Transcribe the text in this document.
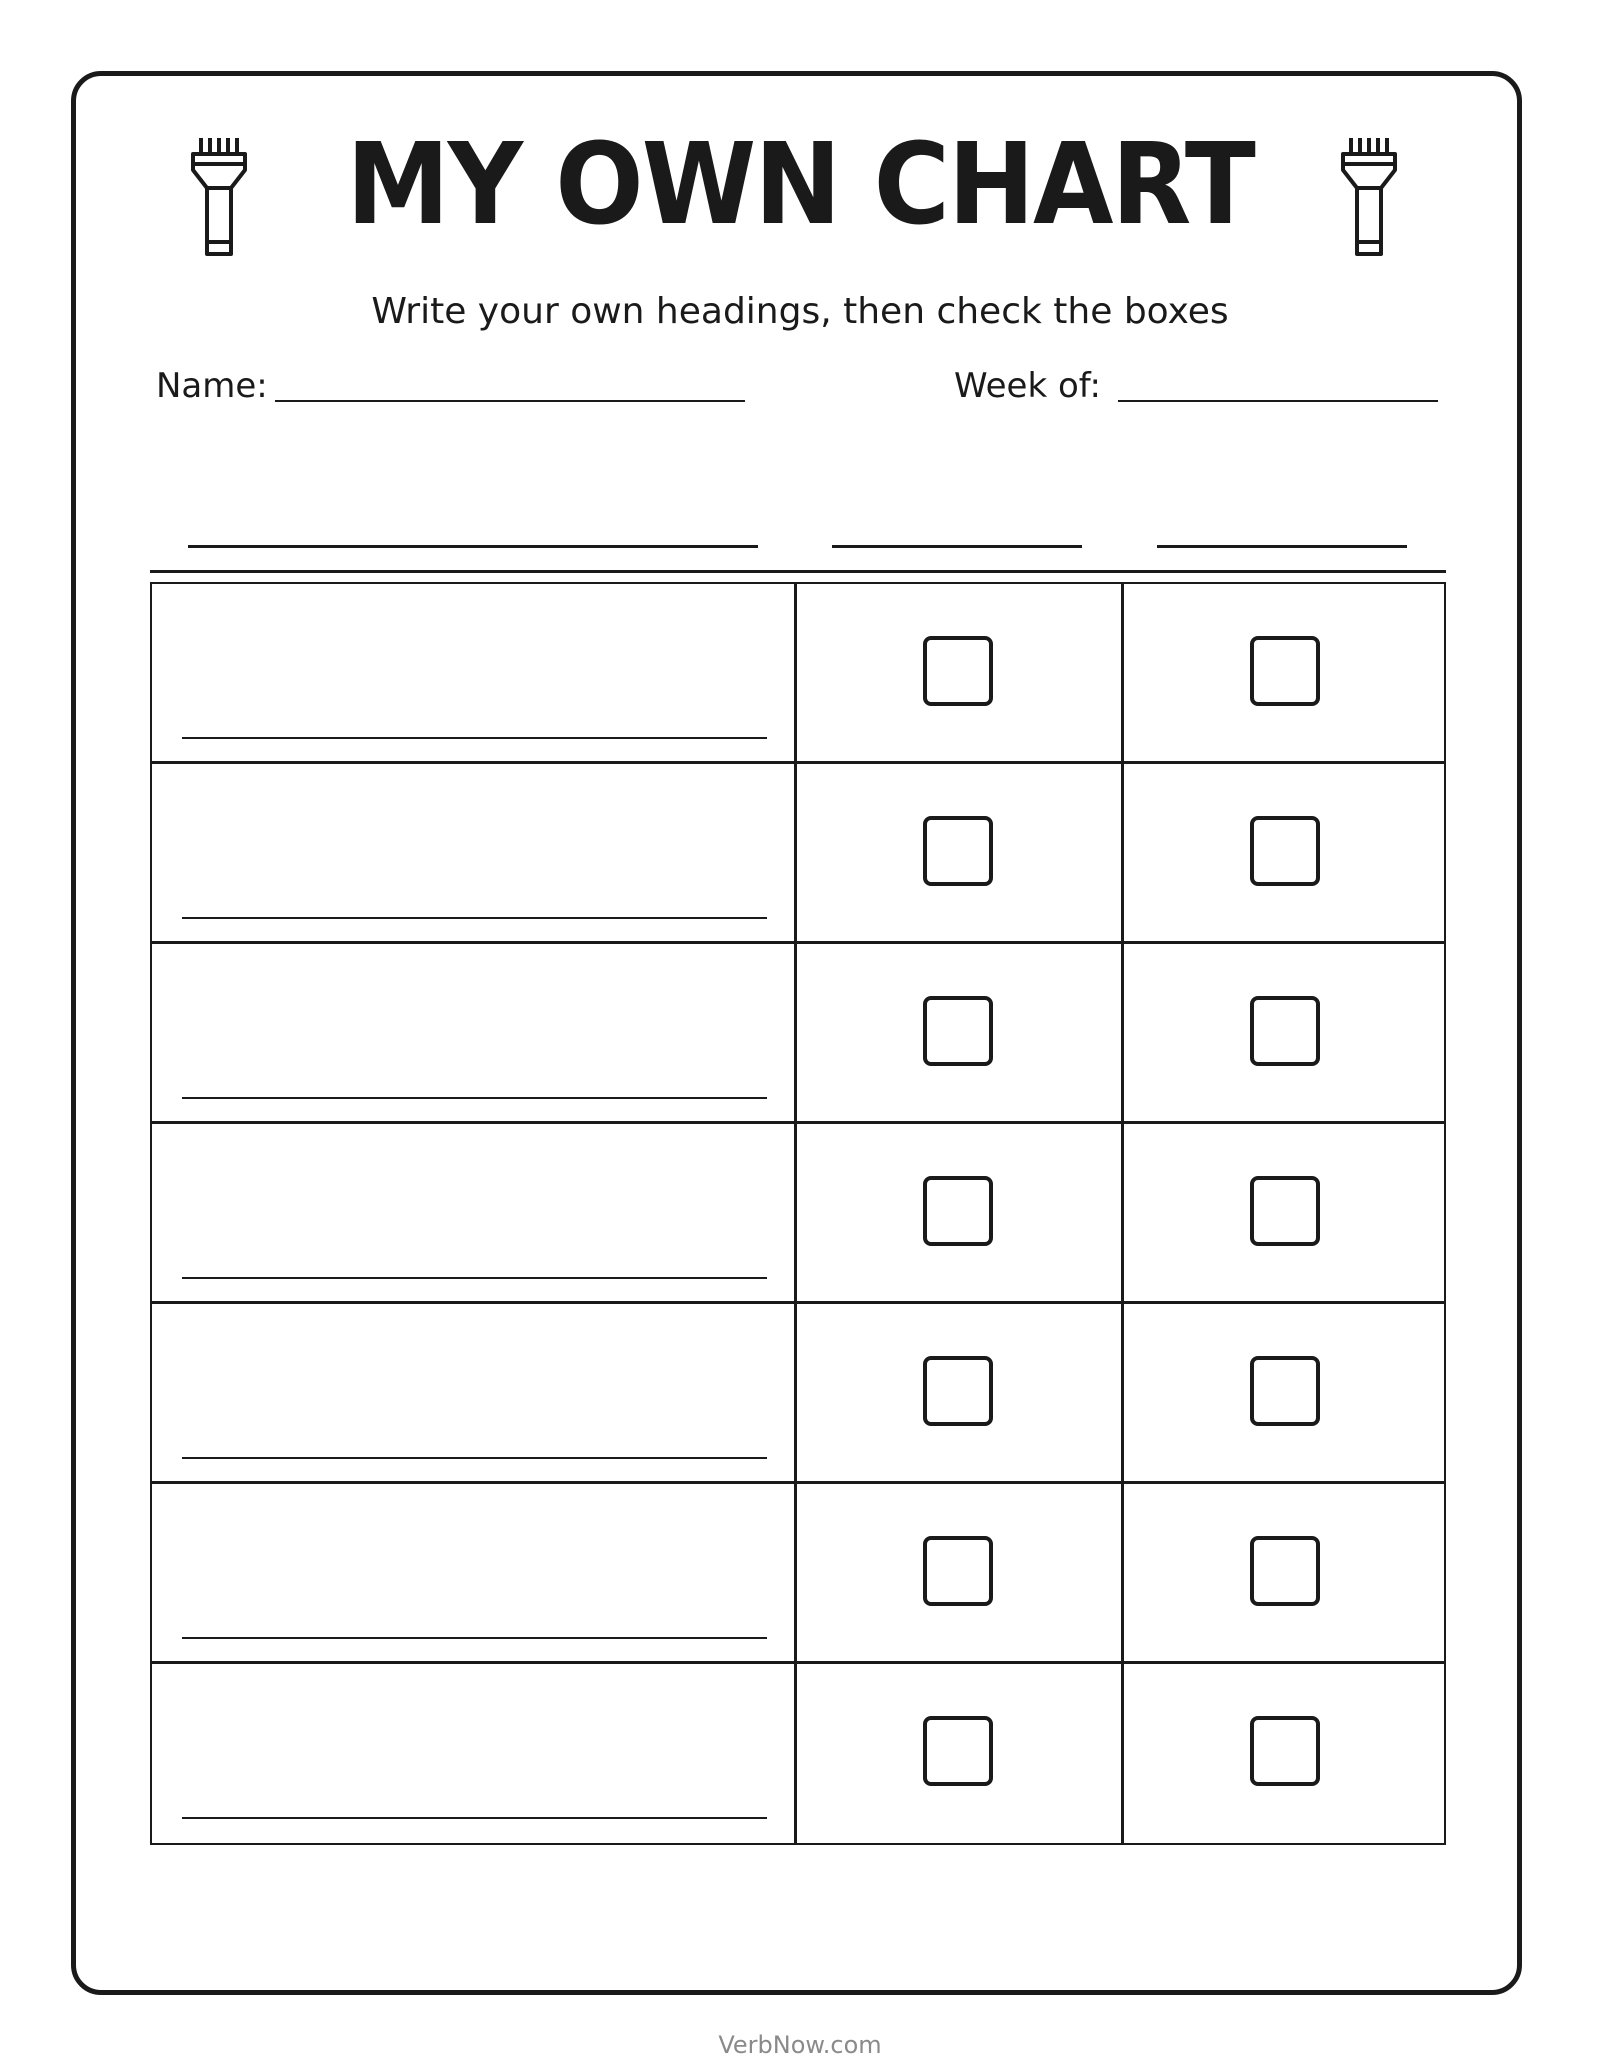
MY OWN CHART
Write your own headings, then check the boxes
Name:	Week of:
VerbNow.com
